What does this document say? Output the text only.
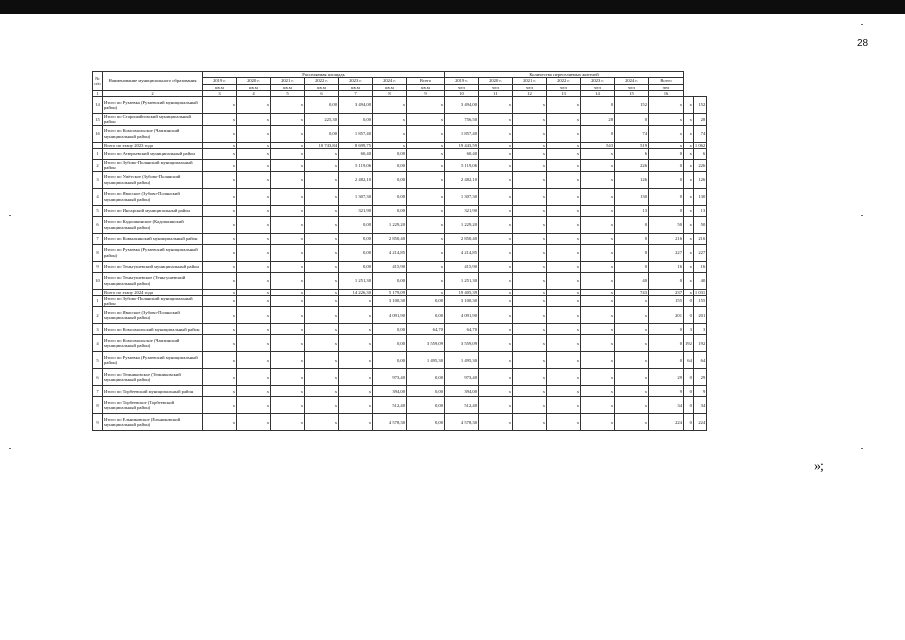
28
№ п/п	Наименование муниципального образования	Расселяемая площадь							Количество переселяемых жителей								
		2019 г.	2020 г.	2021 г.	2022 г.	2023 г.	2024 г.	Всего	2019 г.	2020 г.	2021 г.	2022 г.	2023 г.	2024 г.	Всего		
		кв.м	кв.м	кв.м	кв.м	кв.м	кв.м	кв.м	чел	чел	чел	чел	чел	чел	чел		
1	2	3	4	5	6	7	8	9	10	11	12	13	14	15	16		
14	Итого по Рузаевка (Рузаевский муниципальный район)	x	x	x	0,00	3 494,00	x	x	3 494,00	x	x	x	0	152	x	x	152
15	Итого по Старошайговский муниципальный район	x	x	x	225,30	0,00	x	x	756,50	x	x	x	28	0	x	x	28
16	Итого по Комсомольское (Чамзинский муниципальный район)	x	x	x	0,00	1 857,40	x	x	1 857,40	x	x	x	0	74	x	x	74
	Всего по этапу 2023 года	x	x	x	10 743,84	8 699,75	x	x	19 443,59	x	x	x	543	519	x	x	1 062
1	Итого по Атюрьевский муниципальный район	x	x	x	x	60,40	0,00	x	60,40	x	x	x	x	6	0	x	6
2	Итого по Зубово-Полянский муниципальный район	x	x	x	x	5 119,06	0,00	x	5 119,06	x	x	x	x	226	0	x	226
3	Итого по Умётское (Зубово-Полянский муниципальный район)	x	x	x	x	2 482,10	0,00	x	2 482,10	x	x	x	x	126	0	x	126
4	Итого по Явасское (Зубово-Полянский муниципальный район)	x	x	x	x	1 307,30	0,00	x	1 307,30	x	x	x	x	130	0	x	130
5	Итого по Инсарский муниципальный район	x	x	x	x	321,90	0,00	x	321,90	x	x	x	x	13	0	x	13
6	Итого по Кадошкинское (Кадошкинский муниципальный район)	x	x	x	x	0,00	1 229,20	x	1 229,20	x	x	x	x	0	50	x	50
7	Итого по Ковылкинский муниципальный район	x	x	x	x	0,00	2 850,40	x	2 850,40	x	x	x	x	0	216	x	216
8	Итого по Рузаевка (Рузаевский муниципальный район)	x	x	x	x	0,00	4 214,85	x	4 214,85	x	x	x	x	0	227	x	227
9	Итого по Теньгушевский муниципальный район	x	x	x	x	0,00	415,90	x	415,90	x	x	x	x	0	16	x	16
10	Итого по Теньгушевское (Теньгушевский муниципальный район)	x	x	x	x	1 251,30	0,00	x	1 251,30	x	x	x	x	40	0	x	40
	Всего по этапу 2024 года	x	x	x	x	14 226,30	5 179,09	x	19 405,39	x	x	x	x	743	237	x	1 031
1	Итого по Зубово-Полянский муниципальный район	x	x	x	x	x	3 100,30	0,00	3 100,30	x	x	x	x	x	155	0	155
2	Итого по Явасское (Зубово-Полянский муниципальный район)	x	x	x	x	x	4 091,90	0,00	4 091,90	x	x	x	x	x	201	0	201
3	Итого по Комсомольский муниципальный район	x	x	x	x	x	0,00	64,70	64,70	x	x	x	x	x	0	3	3
4	Итого по Комсомольское (Чамзинский муниципальный район)	x	x	x	x	x	0,00	3 559,09	3 559,09	x	x	x	x	x	0	192	192
5	Итого по Рузаевка (Рузаевский муниципальный район)	x	x	x	x	x	0,00	1 495,30	1 495,30	x	x	x	x	x	0	64	64
6	Итого по Темниковское (Темниковский муниципальный район)	x	x	x	x	x	973,40	0,00	973,40	x	x	x	x	x	29	0	29
7	Итого по Торбеевский муниципальный район	x	x	x	x	x	394,00	0,00	394,00	x	x	x	x	x	9	0	9
8	Итого по Торбеевское (Торбеевский муниципальный район)	x	x	x	x	x	512,40	0,00	512,40	x	x	x	x	x	34	0	34
9	Итого по Ельниковское (Ельниковский муниципальный район)	x	x	x	x	x	4 578,30	0,00	4 578,30	x	x	x	x	x	224	0	224
»;
